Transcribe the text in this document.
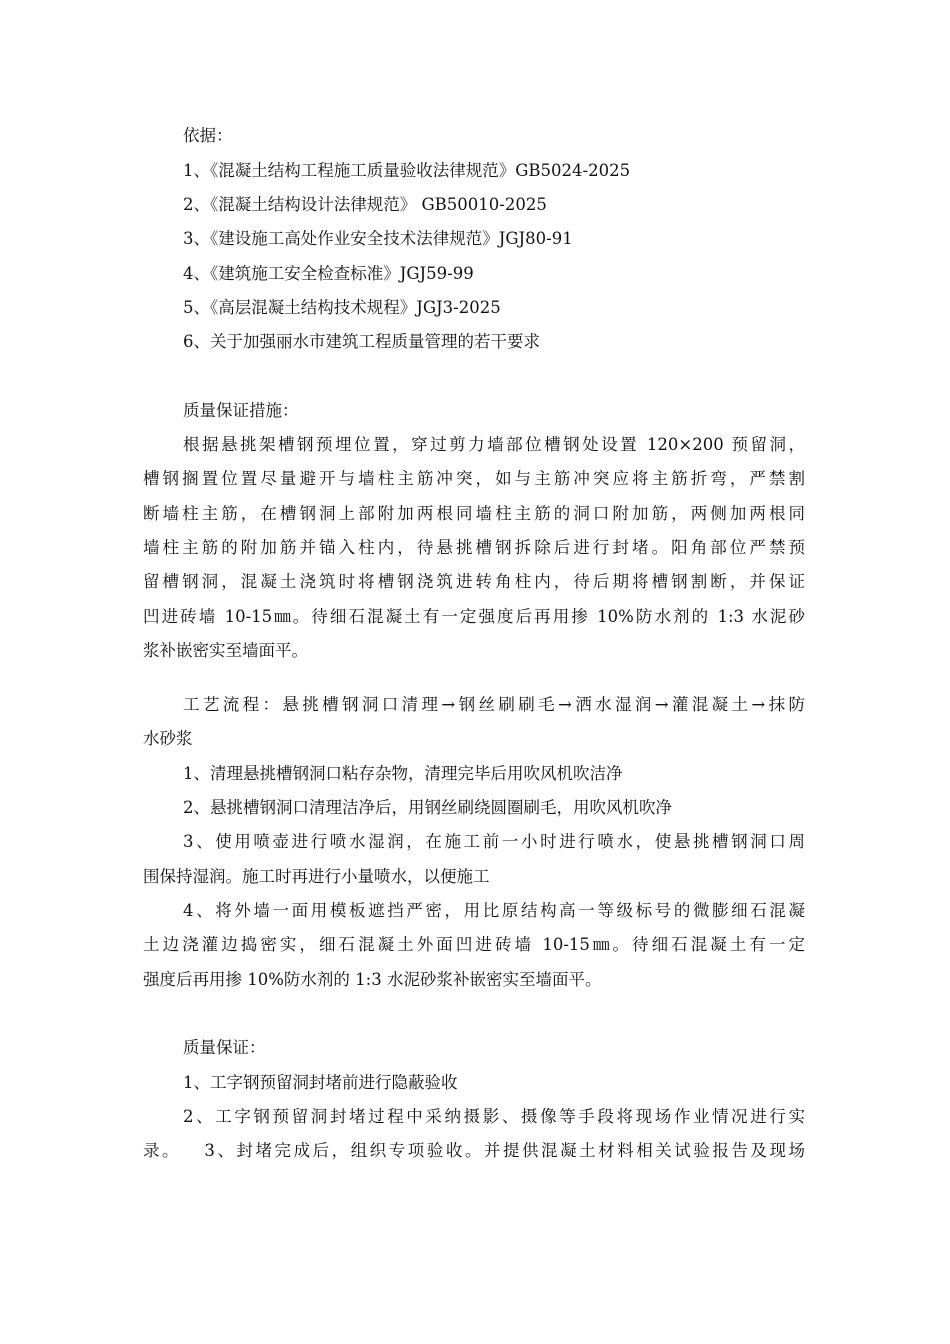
依据：
1、《混凝土结构工程施工质量验收法律规范》GB5024-2025
2、《混凝土结构设计法律规范》 GB50010-2025
3、《建设施工高处作业安全技术法律规范》JGJ80-91
4、《建筑施工安全检查标准》JGJ59-99
5、《高层混凝土结构技术规程》JGJ3-2025
6、关于加强丽水市建筑工程质量管理的若干要求
质量保证措施：
根据悬挑架槽钢预埋位置，穿过剪力墙部位槽钢处设置 120×200 预留洞，
槽钢搁置位置尽量避开与墙柱主筋冲突，如与主筋冲突应将主筋折弯，严禁割
断墙柱主筋，在槽钢洞上部附加两根同墙柱主筋的洞口附加筋，两侧加两根同
墙柱主筋的附加筋并锚入柱内，待悬挑槽钢拆除后进行封堵。阳角部位严禁预
留槽钢洞，混凝土浇筑时将槽钢浇筑进转角柱内，待后期将槽钢割断，并保证
凹进砖墙 10-15㎜。待细石混凝土有一定强度后再用掺 10%防水剂的 1:3 水泥砂
浆补嵌密实至墙面平。
工艺流程：悬挑槽钢洞口清理→钢丝刷刷毛→洒水湿润→灌混凝土→抹防
水砂浆
1、清理悬挑槽钢洞口粘存杂物，清理完毕后用吹风机吹洁净
2、悬挑槽钢洞口清理洁净后，用钢丝刷绕圆圈刷毛，用吹风机吹净
3、使用喷壶进行喷水湿润，在施工前一小时进行喷水，使悬挑槽钢洞口周
围保持湿润。施工时再进行小量喷水，以便施工
4、将外墙一面用模板遮挡严密，用比原结构高一等级标号的微膨细石混凝
土边浇灌边捣密实，细石混凝土外面凹进砖墙 10-15㎜。待细石混凝土有一定
强度后再用掺 10%防水剂的 1:3 水泥砂浆补嵌密实至墙面平。
质量保证：
1、工字钢预留洞封堵前进行隐蔽验收
2、工字钢预留洞封堵过程中采纳摄影、摄像等手段将现场作业情况进行实
录。   3、封堵完成后，组织专项验收。并提供混凝土材料相关试验报告及现场
